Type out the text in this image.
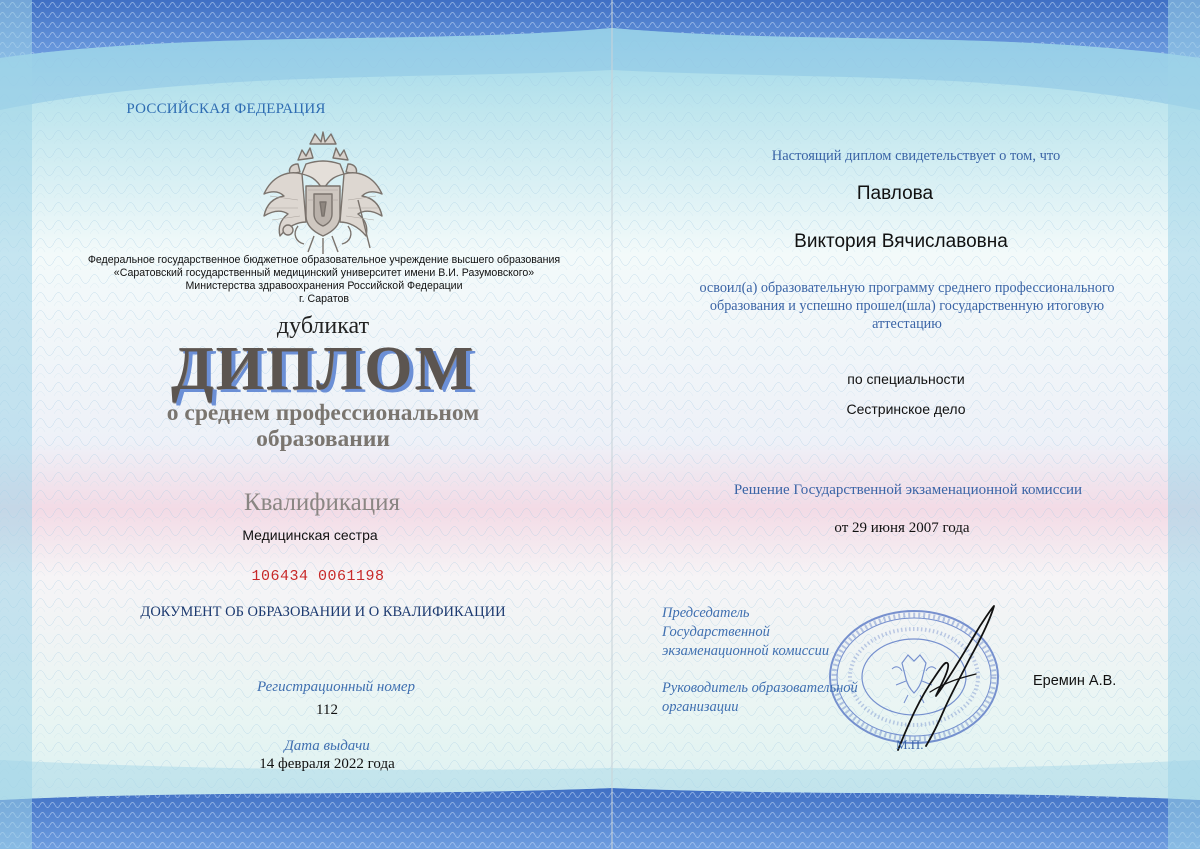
РОССИЙСКАЯ ФЕДЕРАЦИЯ
Федеральное государственное бюджетное образовательное учреждение высшего образования
«Саратовский государственный медицинский университет имени В.И. Разумовского»
Министерства здравоохранения Российской Федерации
г. Саратов
дубликат
ДИПЛОМ
о среднем профессиональном
образовании
Квалификация
Медицинская сестра
106434 0061198
ДОКУМЕНТ ОБ ОБРАЗОВАНИИ И О КВАЛИФИКАЦИИ
Регистрационный номер
112
Дата выдачи
14 февраля 2022 года
Настоящий диплом свидетельствует о том, что
Павлова
Виктория Вячиславовна
освоил(а) образовательную программу среднего профессионального
образования и успешно прошел(шла) государственную итоговую
аттестацию
по специальности
Сестринское дело
Решение Государственной экзаменационной комиссии
от 29 июня 2007 года
Председатель
Государственной
экзаменационной комиссии
Руководитель образовательной
организации
Еремин А.В.
М.П.
